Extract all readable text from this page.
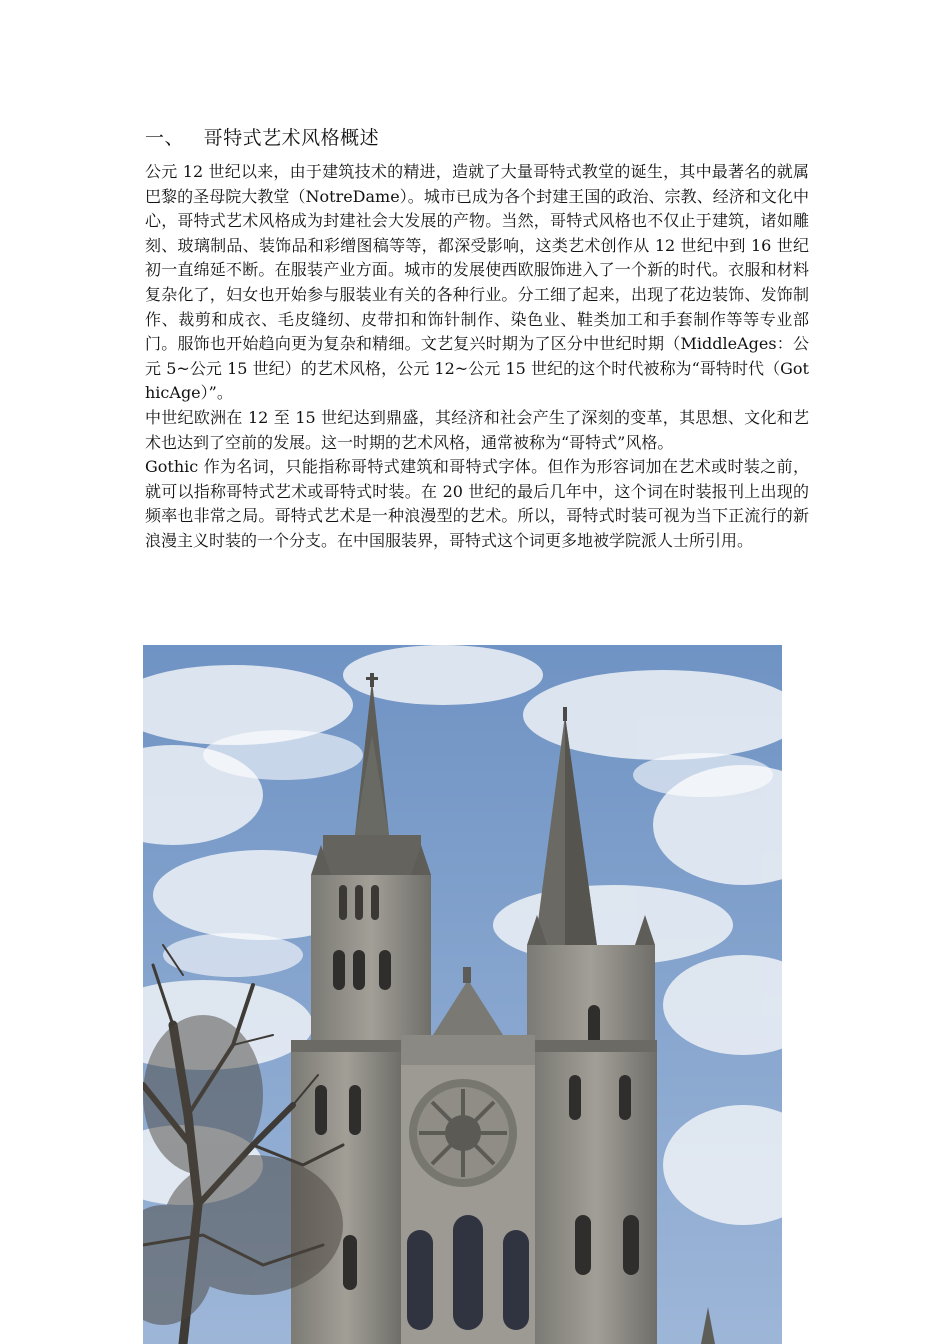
一、   哥特式艺术风格概述

公元 12 世纪以来，由于建筑技术的精进，造就了大量哥特式教堂的诞生，其中最著名的就属巴黎的圣母院大教堂（NotreDame）。城市已成为各个封建王国的政治、宗教、经济和文化中心，哥特式艺术风格成为封建社会大发展的产物。当然，哥特式风格也不仅止于建筑，诸如雕刻、玻璃制品、装饰品和彩缯图稿等等，都深受影响，这类艺术创作从 12 世纪中到 16 世纪初一直绵延不断。在服装产业方面。城市的发展使西欧服饰进入了一个新的时代。衣服和材料复杂化了，妇女也开始参与服装业有关的各种行业。分工细了起来，出现了花边装饰、发饰制作、裁剪和成衣、毛皮缝纫、皮带扣和饰针制作、染色业、鞋类加工和手套制作等等专业部门。服饰也开始趋向更为复杂和精细。文艺复兴时期为了区分中世纪时期（MiddleAges：公元 5~公元 15 世纪）的艺术风格，公元 12~公元 15 世纪的这个时代被称为“哥特时代（GothicAge）”。

中世纪欧洲在 12 至 15 世纪达到鼎盛，其经济和社会产生了深刻的变革，其思想、文化和艺术也达到了空前的发展。这一时期的艺术风格，通常被称为“哥特式”风格。

Gothic 作为名词，只能指称哥特式建筑和哥特式字体。但作为形容词加在艺术或时装之前，就可以指称哥特式艺术或哥特式时装。在 20 世纪的最后几年中，这个词在时装报刊上出现的频率也非常之局。哥特式艺术是一种浪漫型的艺术。所以，哥特式时装可视为当下正流行的新浪漫主义时装的一个分支。在中国服装界，哥特式这个词更多地被学院派人士所引用。
